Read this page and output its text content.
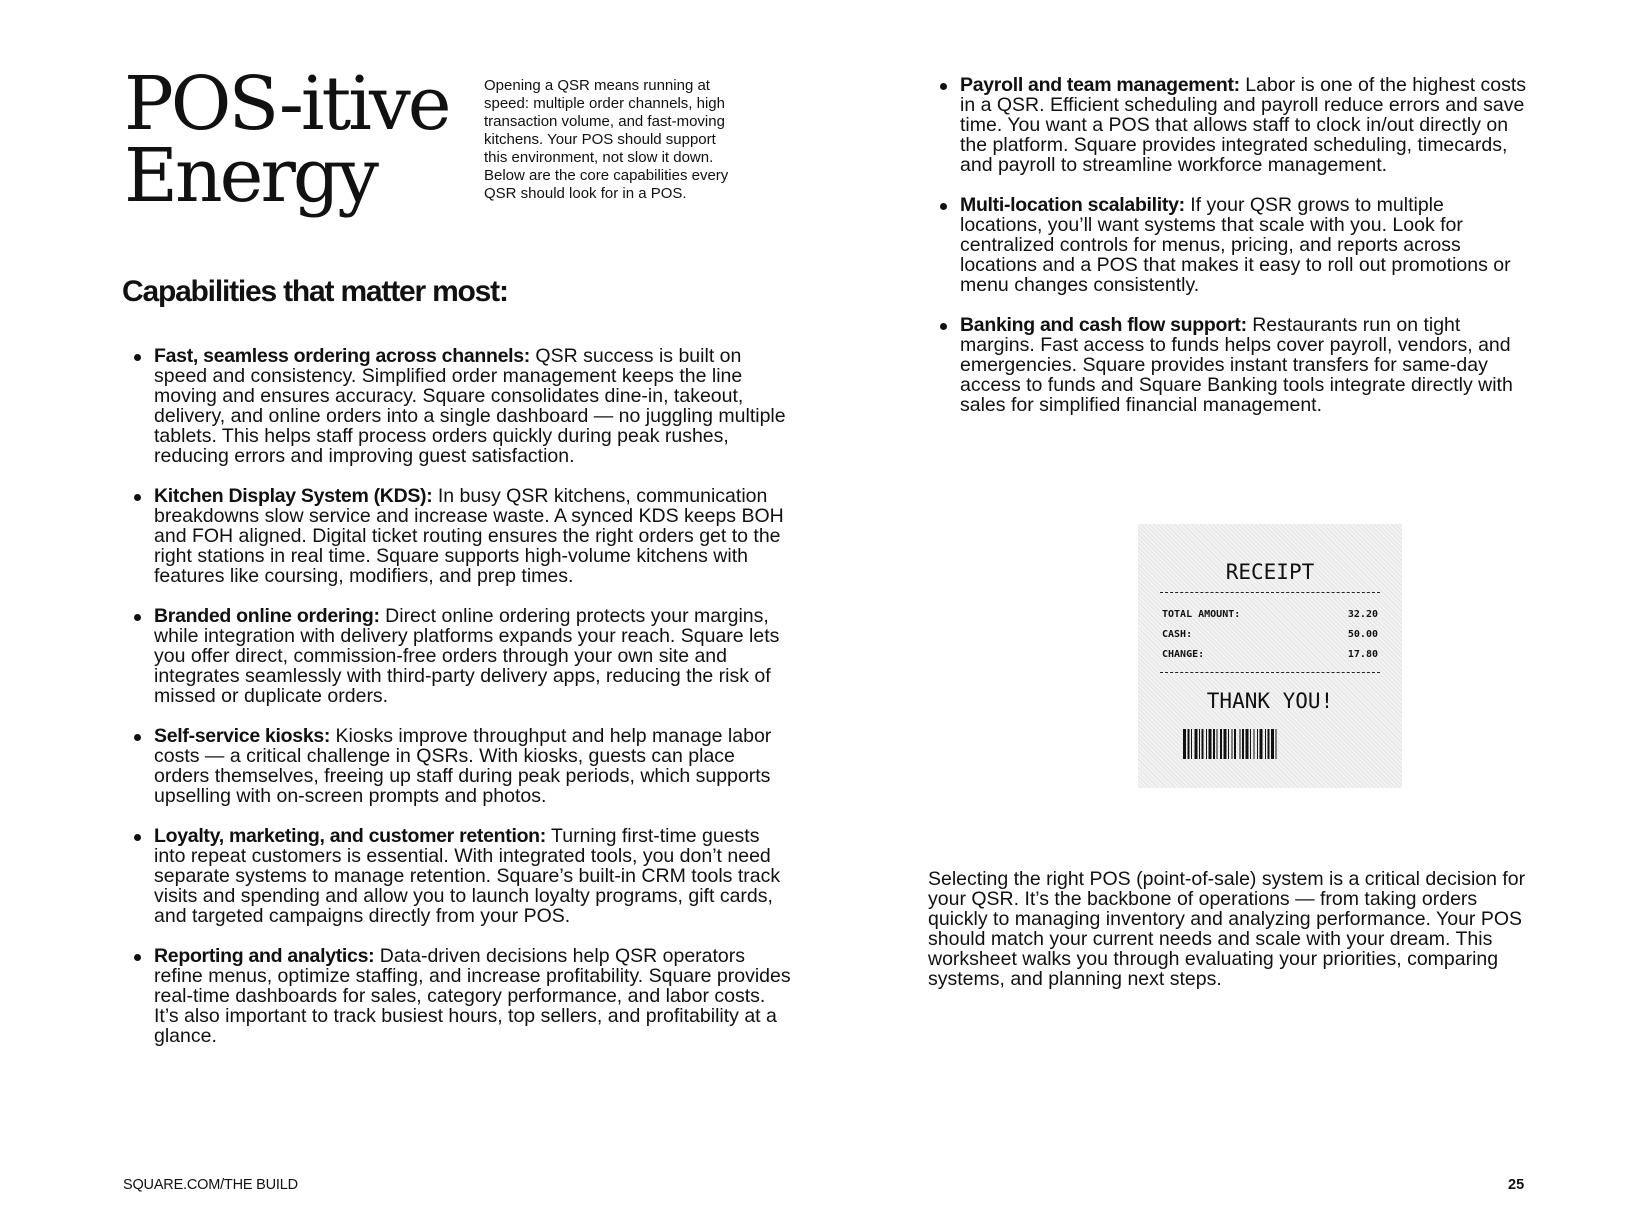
POS-itive
Energy

Opening a QSR means running at speed: multiple order channels, high transaction volume, and fast-moving kitchens. Your POS should support this environment, not slow it down. Below are the core capabilities every QSR should look for in a POS.

Capabilities that matter most:
Fast, seamless ordering across channels: QSR success is built on speed and consistency. Simplified order management keeps the line moving and ensures accuracy. Square consolidates dine-in, takeout, delivery, and online orders into a single dashboard — no juggling multiple tablets. This helps staff process orders quickly during peak rushes, reducing errors and improving guest satisfaction.
Kitchen Display System (KDS): In busy QSR kitchens, communication breakdowns slow service and increase waste. A synced KDS keeps BOH and FOH aligned. Digital ticket routing ensures the right orders get to the right stations in real time. Square supports high-volume kitchens with features like coursing, modifiers, and prep times.
Branded online ordering: Direct online ordering protects your margins, while integration with delivery platforms expands your reach. Square lets you offer direct, commission-free orders through your own site and integrates seamlessly with third-party delivery apps, reducing the risk of missed or duplicate orders.
Self-service kiosks: Kiosks improve throughput and help manage labor costs — a critical challenge in QSRs. With kiosks, guests can place orders themselves, freeing up staff during peak periods, which supports upselling with on-screen prompts and photos.
Loyalty, marketing, and customer retention: Turning first-time guests into repeat customers is essential. With integrated tools, you don’t need separate systems to manage retention. Square’s built-in CRM tools track visits and spending and allow you to launch loyalty programs, gift cards, and targeted campaigns directly from your POS.
Reporting and analytics: Data-driven decisions help QSR operators refine menus, optimize staffing, and increase profitability. Square provides real-time dashboards for sales, category performance, and labor costs. It’s also important to track busiest hours, top sellers, and profitability at a glance.
Payroll and team management: Labor is one of the highest costs in a QSR. Efficient scheduling and payroll reduce errors and save time. You want a POS that allows staff to clock in/out directly on the platform. Square provides integrated scheduling, timecards, and payroll to streamline workforce management.
Multi-location scalability: If your QSR grows to multiple locations, you’ll want systems that scale with you. Look for centralized controls for menus, pricing, and reports across locations and a POS that makes it easy to roll out promotions or menu changes consistently.
Banking and cash flow support: Restaurants run on tight margins. Fast access to funds helps cover payroll, vendors, and emergencies. Square provides instant transfers for same-day access to funds and Square Banking tools integrate directly with sales for simplified financial management.
RECEIPT
TOTAL AMOUNT:	32.20
CASH:	50.00
CHANGE:	17.80
THANK YOU!

Selecting the right POS (point-of-sale) system is a critical decision for your QSR. It’s the backbone of operations — from taking orders quickly to managing inventory and analyzing performance. Your POS should match your current needs and scale with your dream. This worksheet walks you through evaluating your priorities, comparing systems, and planning next steps.

SQUARE.COM/THE BUILD	25
